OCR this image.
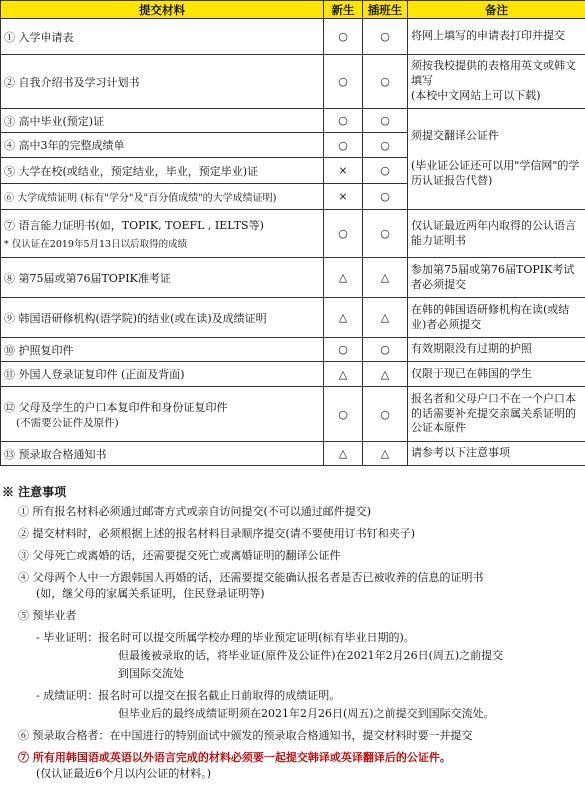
提交材料	新生	插班生	备注
① 入学申请表	○	○	将网上填写的申请表打印并提交
② 自我介绍书及学习计划书	○	○	须按我校提供的表格用英文或韩文填写
(本校中文网站上可以下载)
③ 高中毕业(预定)证	○	○	须提交翻译公证件

(毕业证公证还可以用"学信网"的学历认证报告代替)
④ 高中3年的完整成绩单	○	○	
⑤ 大学在校(或结业，预定结业，毕业，预定毕业)证	×	○	
⑥ 大学成绩证明 (标有"学分"及"百分值成绩"的大学成绩证明)	×	○	
⑦ 语言能力证明书(如，TOPIK, TOEFL , IELTS等)
* 仅认证在2019年5月13日以后取得的成绩	○	○	仅认证最近两年内取得的公认语言能力证明书
⑧ 第75届或第76届TOPIK准考证	△	△	参加第75届或第76届TOPIK考试者必须提交
⑨ 韩国语研修机构(语学院)的结业(或在读)及成绩证明	△	△	在韩的韩国语研修机构在读(或结业)者必须提交
⑩ 护照复印件	○	○	有效期限没有过期的护照
⑪ 外国人登录证复印件 (正面及背面)	△	△	仅限于现已在韩国的学生
⑫ 父母及学生的户口本复印件和身份证复印件
(不需要公证件及原件)	○	○	报名者和父母户口不在一个户口本的话需要补充提交亲属关系证明的公证本原件
⑬ 预录取合格通知书	△	△	请参考以下注意事项
※ 注意事项
① 所有报名材料必须通过邮寄方式或亲自访问提交(不可以通过邮件提交)
② 提交材料时，必须根据上述的报名材料目录顺序提交(请不要使用订书钉和夹子)
③ 父母死亡或离婚的话，还需要提交死亡或离婚证明的翻译公证件
④ 父母两个人中一方跟韩国人再婚的话，还需要提交能确认报名者是否已被收养的信息的证明书
(如，继父母的家属关系证明，住民登录证明等)
⑤ 预毕业者
- 毕业证明：报名时可以提交所属学校办理的毕业预定证明(标有毕业日期的)。
但最後被录取的话，将毕业证(原件及公证件)在2021年2月26日(周五)之前提交
到国际交流处
- 成绩证明：报名时可以提交在报名截止日前取得的成绩证明。
但毕业后的最终成绩证明须在2021年2月26日(周五)之前提交到国际交流处。
⑥ 预录取合格者：在中国进行的特别面试中颁发的预录取合格通知书，提交材料时要一并提交
⑦ 所有用韩国语或英语以外语言完成的材料必须要一起提交韩译或英译翻译后的公证件。
(仅认证最近6个月以内公证的材料。)
